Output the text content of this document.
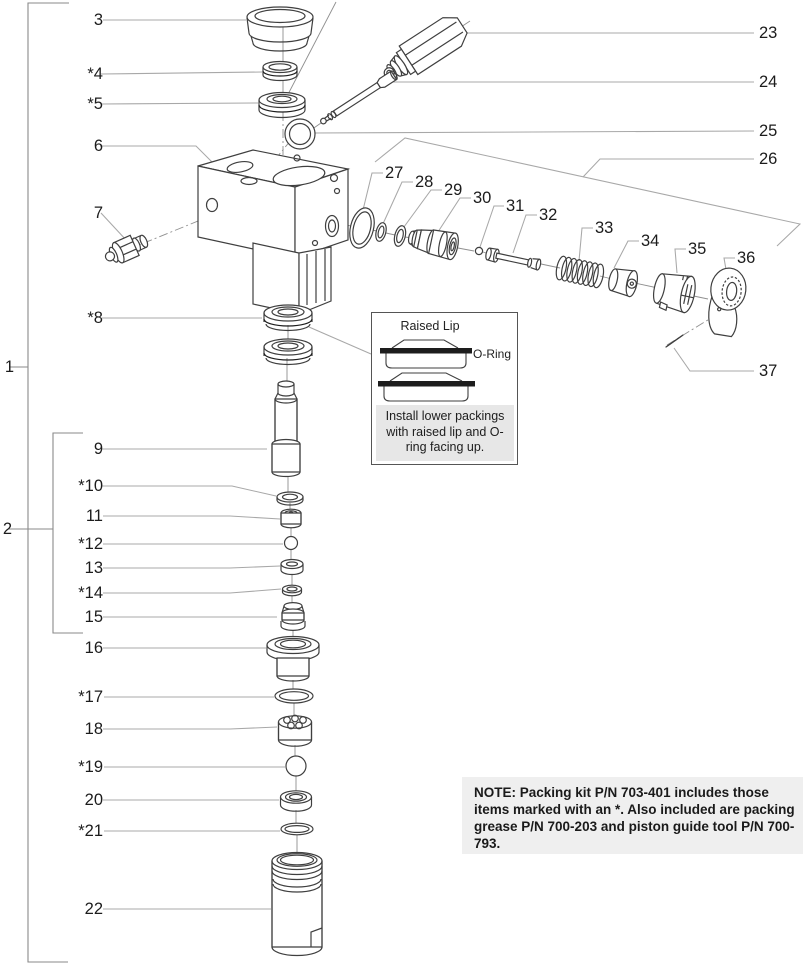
1
2
3
*4
*5
6
7
*8
9
*10
11
*12
13
*14
15
16
*17
18
*19
20
*21
22
23
24
25
26
27 28 29 30 31 32
33
34 35 36
37
Raised Lip
O-Ring
Install lower packings with raised lip and O-ring facing up.
NOTE: Packing kit P/N 703-401 includes those items marked with an *. Also included are packing grease P/N 700-203 and piston guide tool P/N 700-793.
